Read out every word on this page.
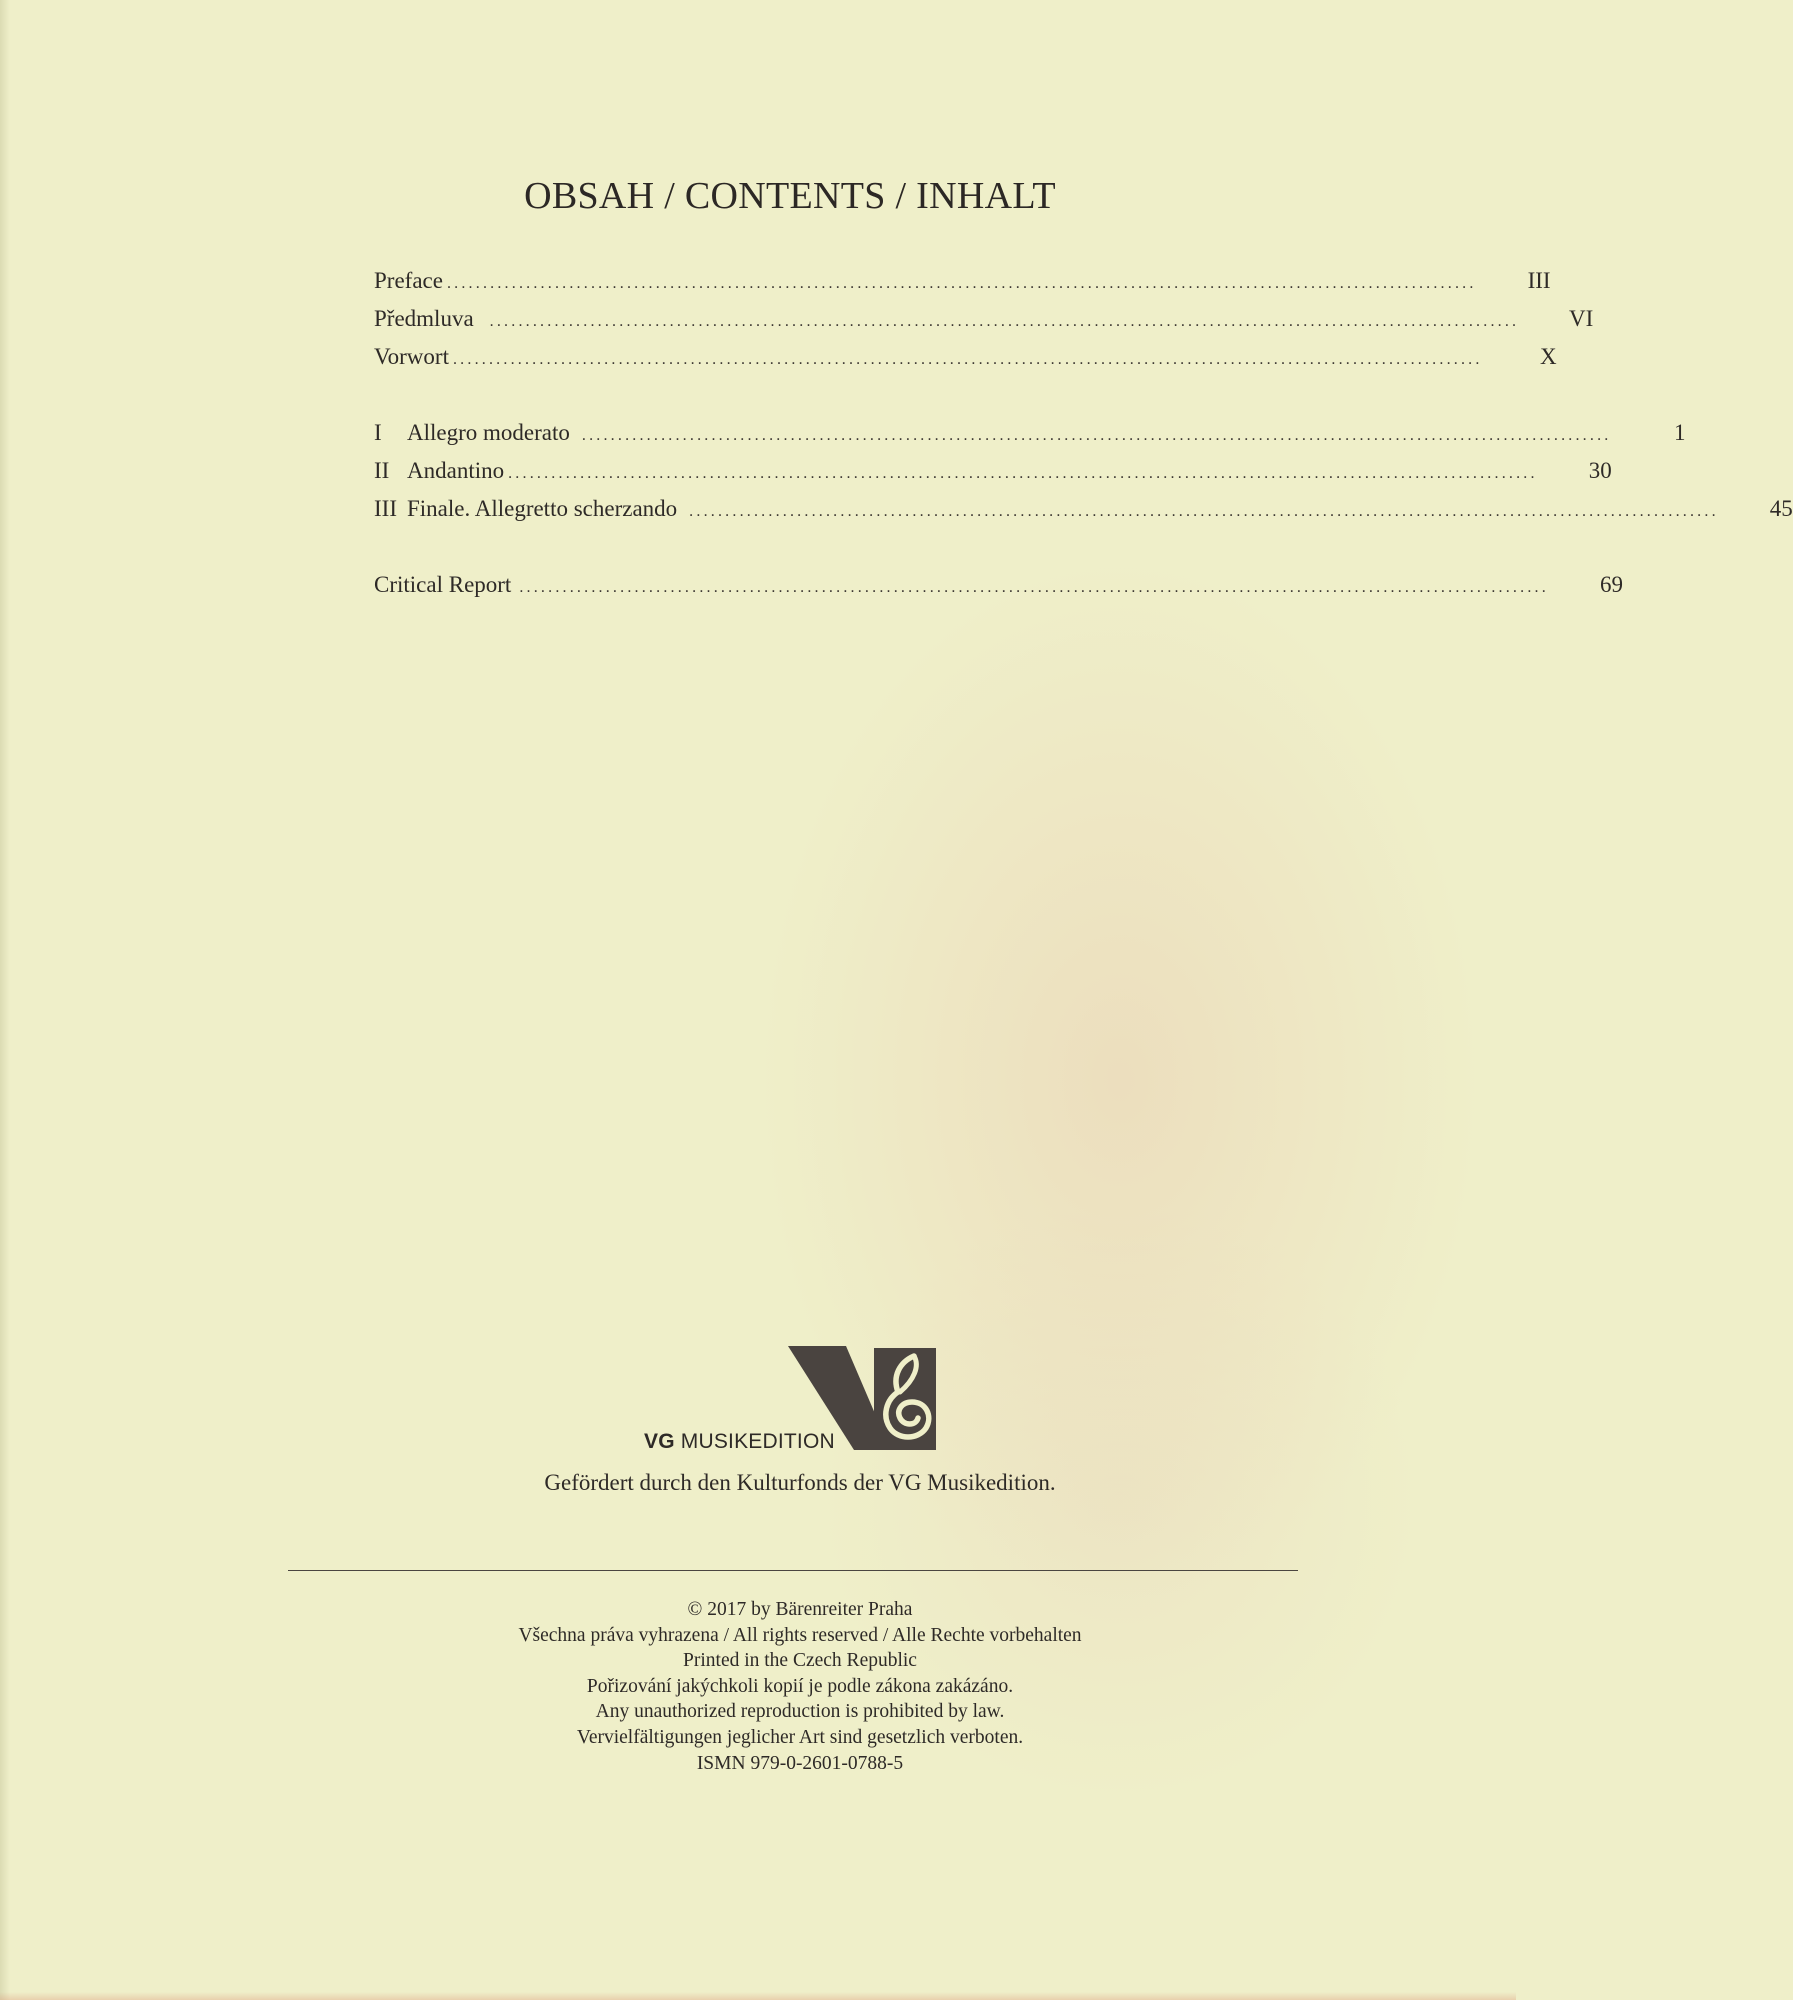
OBSAH / CONTENTS / INHALT
Preface ...............................................................................................................................................	III
Předmluva ...............................................................................................................................................	VI
Vorwort ...............................................................................................................................................	X
I	Allegro moderato ...............................................................................................................................................	1
II Andantino ...............................................................................................................................................	30
III Finale. Allegretto scherzando ...............................................................................................................................................	45
Critical Report ...............................................................................................................................................	69
VG MUSIKEDITION
Gefördert durch den Kulturfonds der VG Musikedition.
© 2017 by Bärenreiter Praha
Všechna práva vyhrazena / All rights reserved / Alle Rechte vorbehalten
Printed in the Czech Republic
Pořizování jakýchkoli kopií je podle zákona zakázáno.
Any unauthorized reproduction is prohibited by law.
Vervielfältigungen jeglicher Art sind gesetzlich verboten.
ISMN 979-0-2601-0788-5
